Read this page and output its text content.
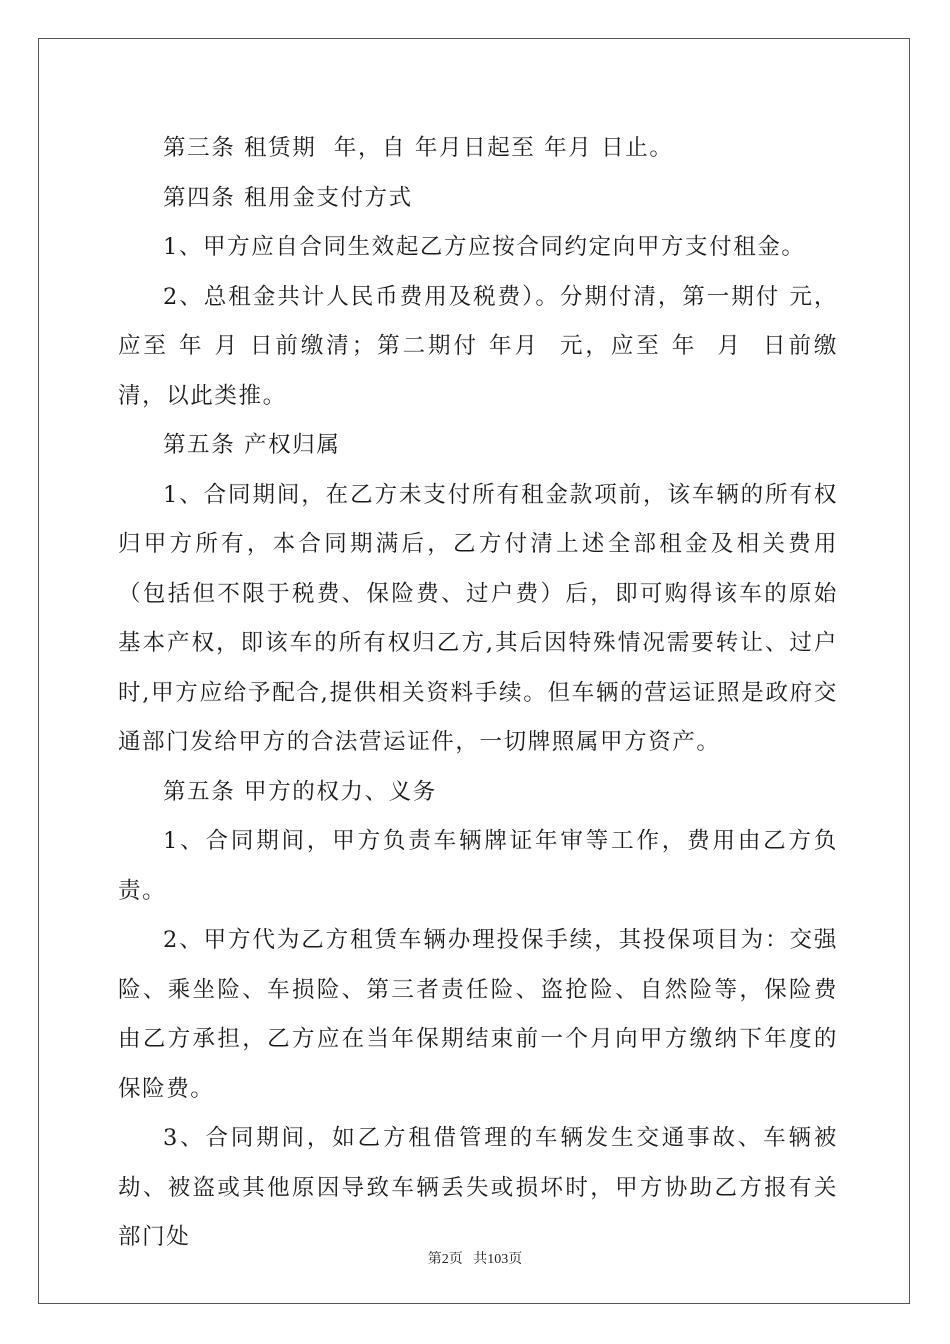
第三条 租赁期  年，自 年月日起至 年月 日止。

第四条 租用金支付方式

1、甲方应自合同生效起乙方应按合同约定向甲方支付租金。

2、总租金共计人民币费用及税费）。分期付清，第一期付 元，应至 年 月 日前缴清；第二期付 年月  元，应至 年  月  日前缴清，以此类推。

第五条 产权归属

1、合同期间，在乙方未支付所有租金款项前，该车辆的所有权归甲方所有，本合同期满后，乙方付清上述全部租金及相关费用（包括但不限于税费、保险费、过户费）后，即可购得该车的原始基本产权，即该车的所有权归乙方,其后因特殊情况需要转让、过户时,甲方应给予配合,提供相关资料手续。但车辆的营运证照是政府交通部门发给甲方的合法营运证件，一切牌照属甲方资产。

第五条 甲方的权力、义务

1、合同期间，甲方负责车辆牌证年审等工作，费用由乙方负责。

2、甲方代为乙方租赁车辆办理投保手续，其投保项目为：交强险、乘坐险、车损险、第三者责任险、盗抢险、自然险等，保险费由乙方承担，乙方应在当年保期结束前一个月向甲方缴纳下年度的保险费。

3、合同期间，如乙方租借管理的车辆发生交通事故、车辆被劫、被盗或其他原因导致车辆丢失或损坏时，甲方协助乙方报有关部门处

第2页 共103页
